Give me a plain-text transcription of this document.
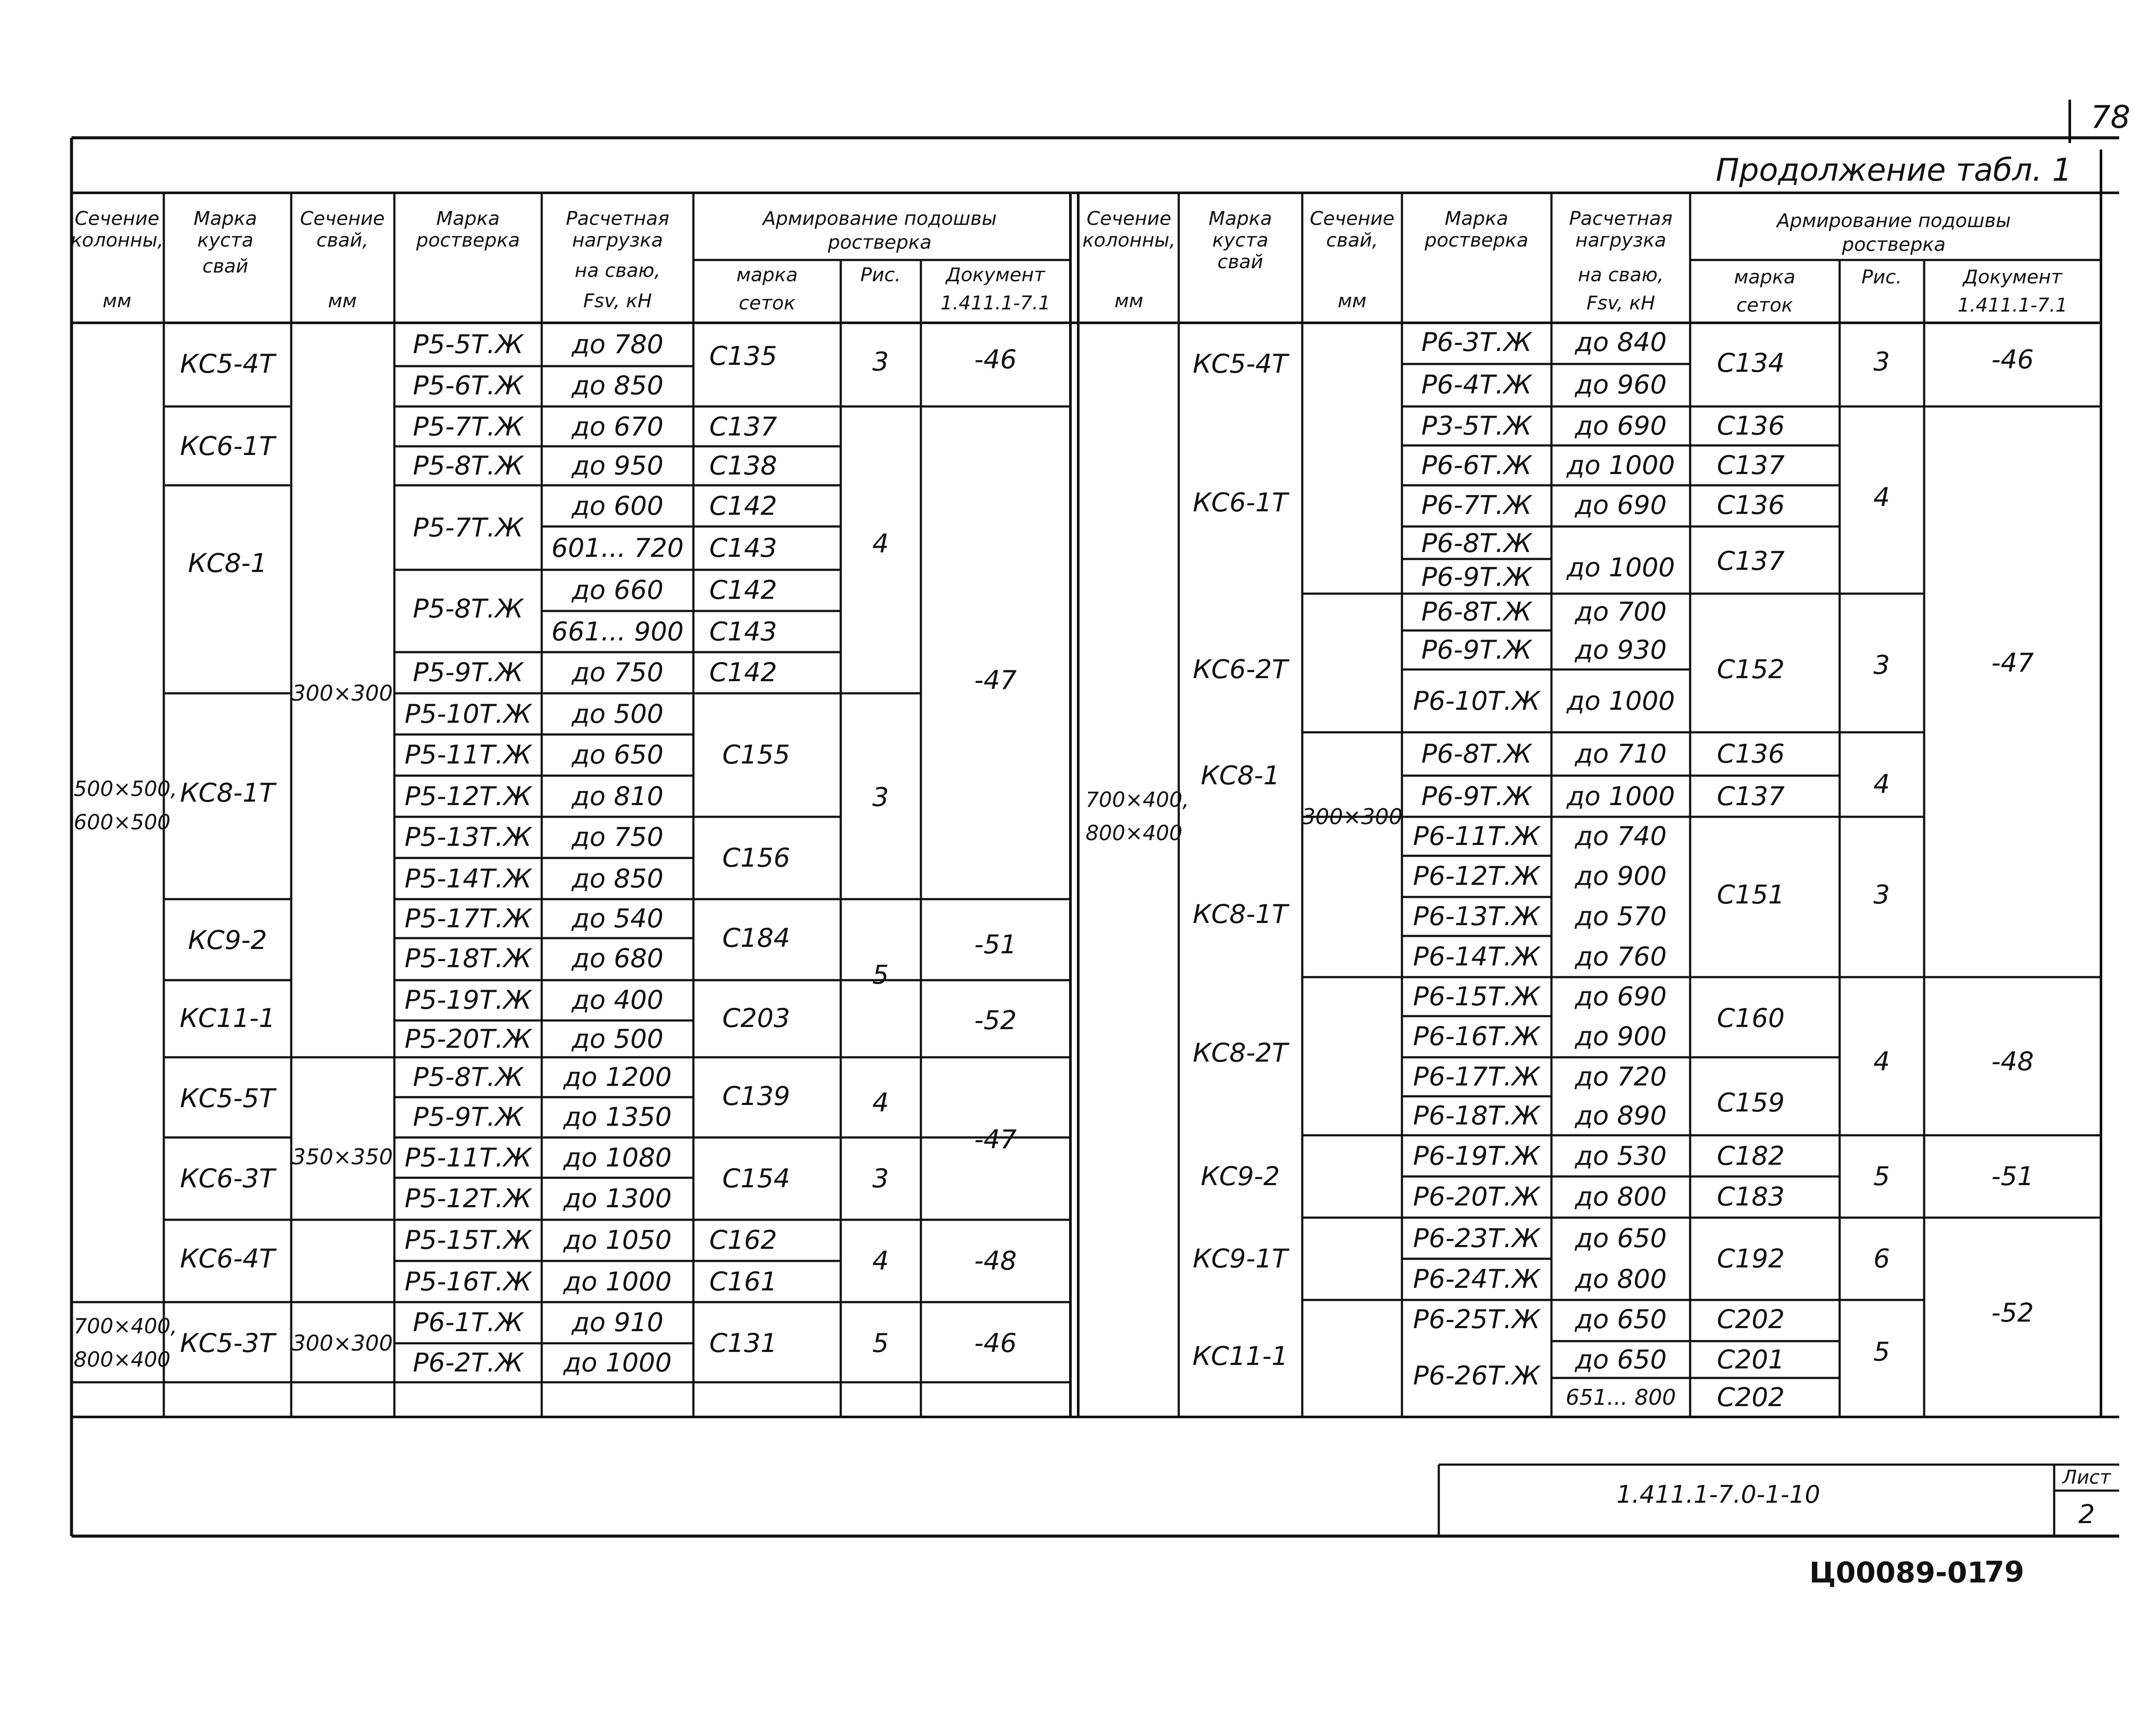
78
Продолжение табл. 1
Сечение
колонны,
мм
Марка
куста
свай
Сечение
свай,
мм
Марка
ростверка
Расчетная
нагрузка
на сваю,
Fsv, кН
Армирование подошвы
ростверка
марка
сеток
Рис. Документ
1.411.1-7.1
Сечение
колонны,
мм
Марка
куста
свай
Сечение
свай,
мм
Марка
ростверка
Расчетная
нагрузка
на сваю,
Fsv, кН
Армирование подошвы
ростверка
марка
сеток
Рис.	Документ
1.411.1-7.1
500×500, 600×500
700×400, 800×400
КС5-4Т
КС6-1Т
КС8-1
КС8-1Т
КС9-2
КС11-1
КС5-5Т
КС6-3Т
КС6-4Т
КС5-3Т
300×300
350×350
300×300
Р5-5Т.Ж
Р5-6Т.Ж
Р5-7Т.Ж
Р5-8Т.Ж
Р5-7Т.Ж
Р5-8Т.Ж
Р5-9Т.Ж
Р5-10Т.Ж
Р5-11Т.Ж
Р5-12Т.Ж
Р5-13Т.Ж
Р5-14Т.Ж
Р5-17Т.Ж
Р5-18Т.Ж
Р5-19Т.Ж
Р5-20Т.Ж
Р5-8Т.Ж
Р5-9Т.Ж
Р5-11Т.Ж
Р5-12Т.Ж
Р5-15Т.Ж
Р5-16Т.Ж
Р6-1Т.Ж
Р6-2Т.Ж
до 780
до 850
до 670
до 950
до 600
601... 720
до 660
661... 900
до 750
до 500
до 650
до 810
до 750
до 850
до 540
до 680
до 400
до 500
до 1200
до 1350
до 1080
до 1300
до 1050
до 1000
до 910
до 1000
С135
С137
С138
С142
С143
С142
С143
С142
С155
С156
С184
С203
С139
С154
С162
С161
С131
3
4
3
5
4
3
4
5
-46
-47
-51
-52
-47
-48
-46
700×400, 800×400
300×300
КС5-4Т
КС6-1Т
КС6-2Т
КС8-1
КС8-1Т
КС8-2Т
КС9-2
КС9-1Т
КС11-1
Р6-3Т.Ж
Р6-4Т.Ж
Р3-5Т.Ж
Р6-6Т.Ж
Р6-7Т.Ж
Р6-8Т.Ж
Р6-9Т.Ж
Р6-8Т.Ж
Р6-9Т.Ж
Р6-10Т.Ж
Р6-8Т.Ж
Р6-9Т.Ж
Р6-11Т.Ж
Р6-12Т.Ж
Р6-13Т.Ж
Р6-14Т.Ж
Р6-15Т.Ж
Р6-16Т.Ж
Р6-17Т.Ж
Р6-18Т.Ж
Р6-19Т.Ж
Р6-20Т.Ж
Р6-23Т.Ж
Р6-24Т.Ж
Р6-25Т.Ж
Р6-26Т.Ж
до 840
до 960
до 690
до 1000
до 690
до 1000
до 700
до 930
до 1000
до 710
до 1000
до 740
до 900
до 570
до 760
до 690
до 900
до 720
до 890
до 530
до 800
до 650
до 800
до 650
до 650
651... 800
С134
С136
С137
С136
С137
С152
С136
С137
С151
С160
С159
С182
С183
С192
С202
С201
С202
3
4
3
4
3
4
5
6
5
-46
-47
-48
-51
-52
1.411.1-7.0-1-10
Лист
2
Ц00089-01
79
